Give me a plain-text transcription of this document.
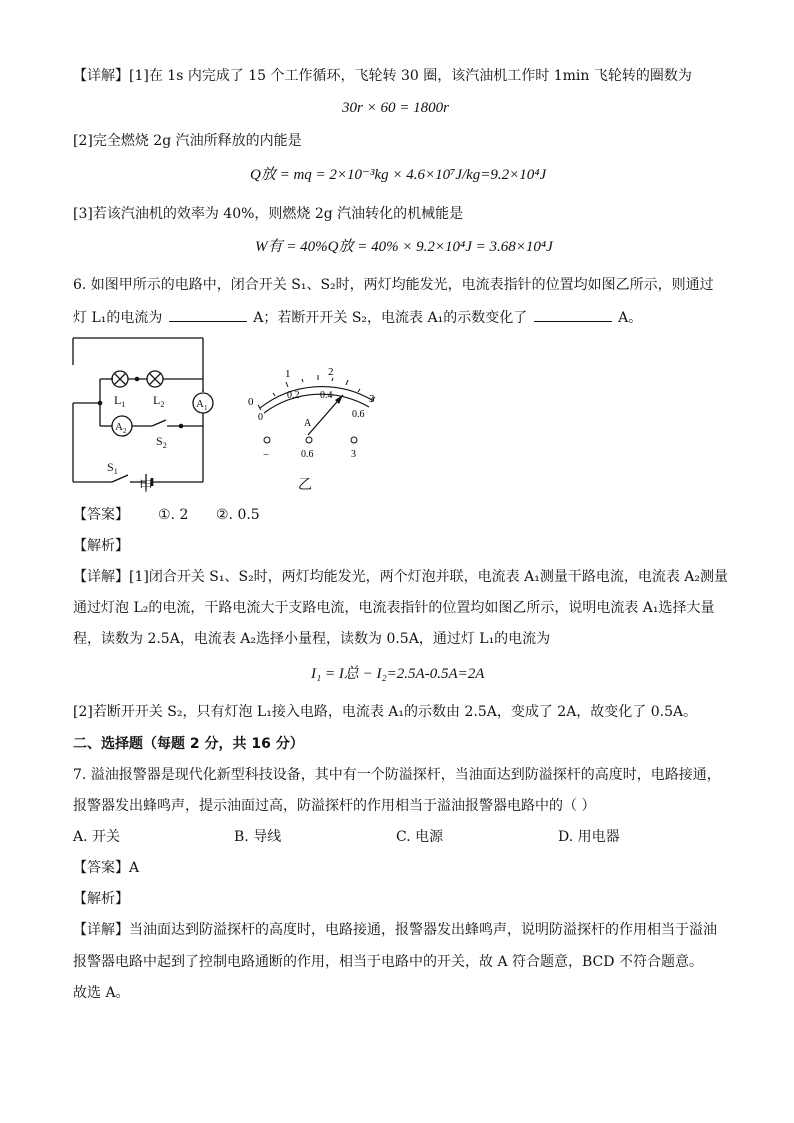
【详解】[1]在 1s 内完成了 15 个工作循环，飞轮转 30 圈，该汽油机工作时 1min 飞轮转的圈数为
30r × 60 = 1800r
[2]完全燃烧 2g 汽油所释放的内能是
Q放 = mq = 2×10⁻³kg × 4.6×10⁷J/kg=9.2×10⁴J
[3]若该汽油机的效率为 40%，则燃烧 2g 汽油转化的机械能是
W有 = 40%Q放 = 40% × 9.2×10⁴J = 3.68×10⁴J
6. 如图甲所示的电路中，闭合开关 S₁、S₂时，两灯均能发光，电流表指针的位置均如图乙所示，则通过
灯 L₁的电流为	A；若断开开关 S₂，电流表 A₁的示数变化了	A。
$L_1$ $L_2$	$A_1$
$A_2$
$S_2$
$S_1$
甲
0
1	2
3
0
0.2 0.4
0.6
A
−	0.6	3
乙
【答案】 ①. 2 ②. 0.5
【解析】
【详解】[1]闭合开关 S₁、S₂时，两灯均能发光，两个灯泡并联，电流表 A₁测量干路电流，电流表 A₂测量
通过灯泡 L₂的电流，干路电流大于支路电流，电流表指针的位置均如图乙所示，说明电流表 A₁选择大量
程，读数为 2.5A，电流表 A₂选择小量程，读数为 0.5A，通过灯 L₁的电流为
I₁ = I总 − I₂=2.5A-0.5A=2A
[2]若断开开关 S₂，只有灯泡 L₁接入电路，电流表 A₁的示数由 2.5A，变成了 2A，故变化了 0.5A。
二、选择题（每题 2 分，共 16 分）
7. 溢油报警器是现代化新型科技设备，其中有一个防溢探杆，当油面达到防溢探杆的高度时，电路接通，
报警器发出蜂鸣声，提示油面过高，防溢探杆的作用相当于溢油报警器电路中的（ ）
A. 开关	B. 导线	C. 电源	D. 用电器
【答案】A
【解析】
【详解】当油面达到防溢探杆的高度时，电路接通，报警器发出蜂鸣声，说明防溢探杆的作用相当于溢油
报警器电路中起到了控制电路通断的作用，相当于电路中的开关，故 A 符合题意，BCD 不符合题意。
故选 A。
